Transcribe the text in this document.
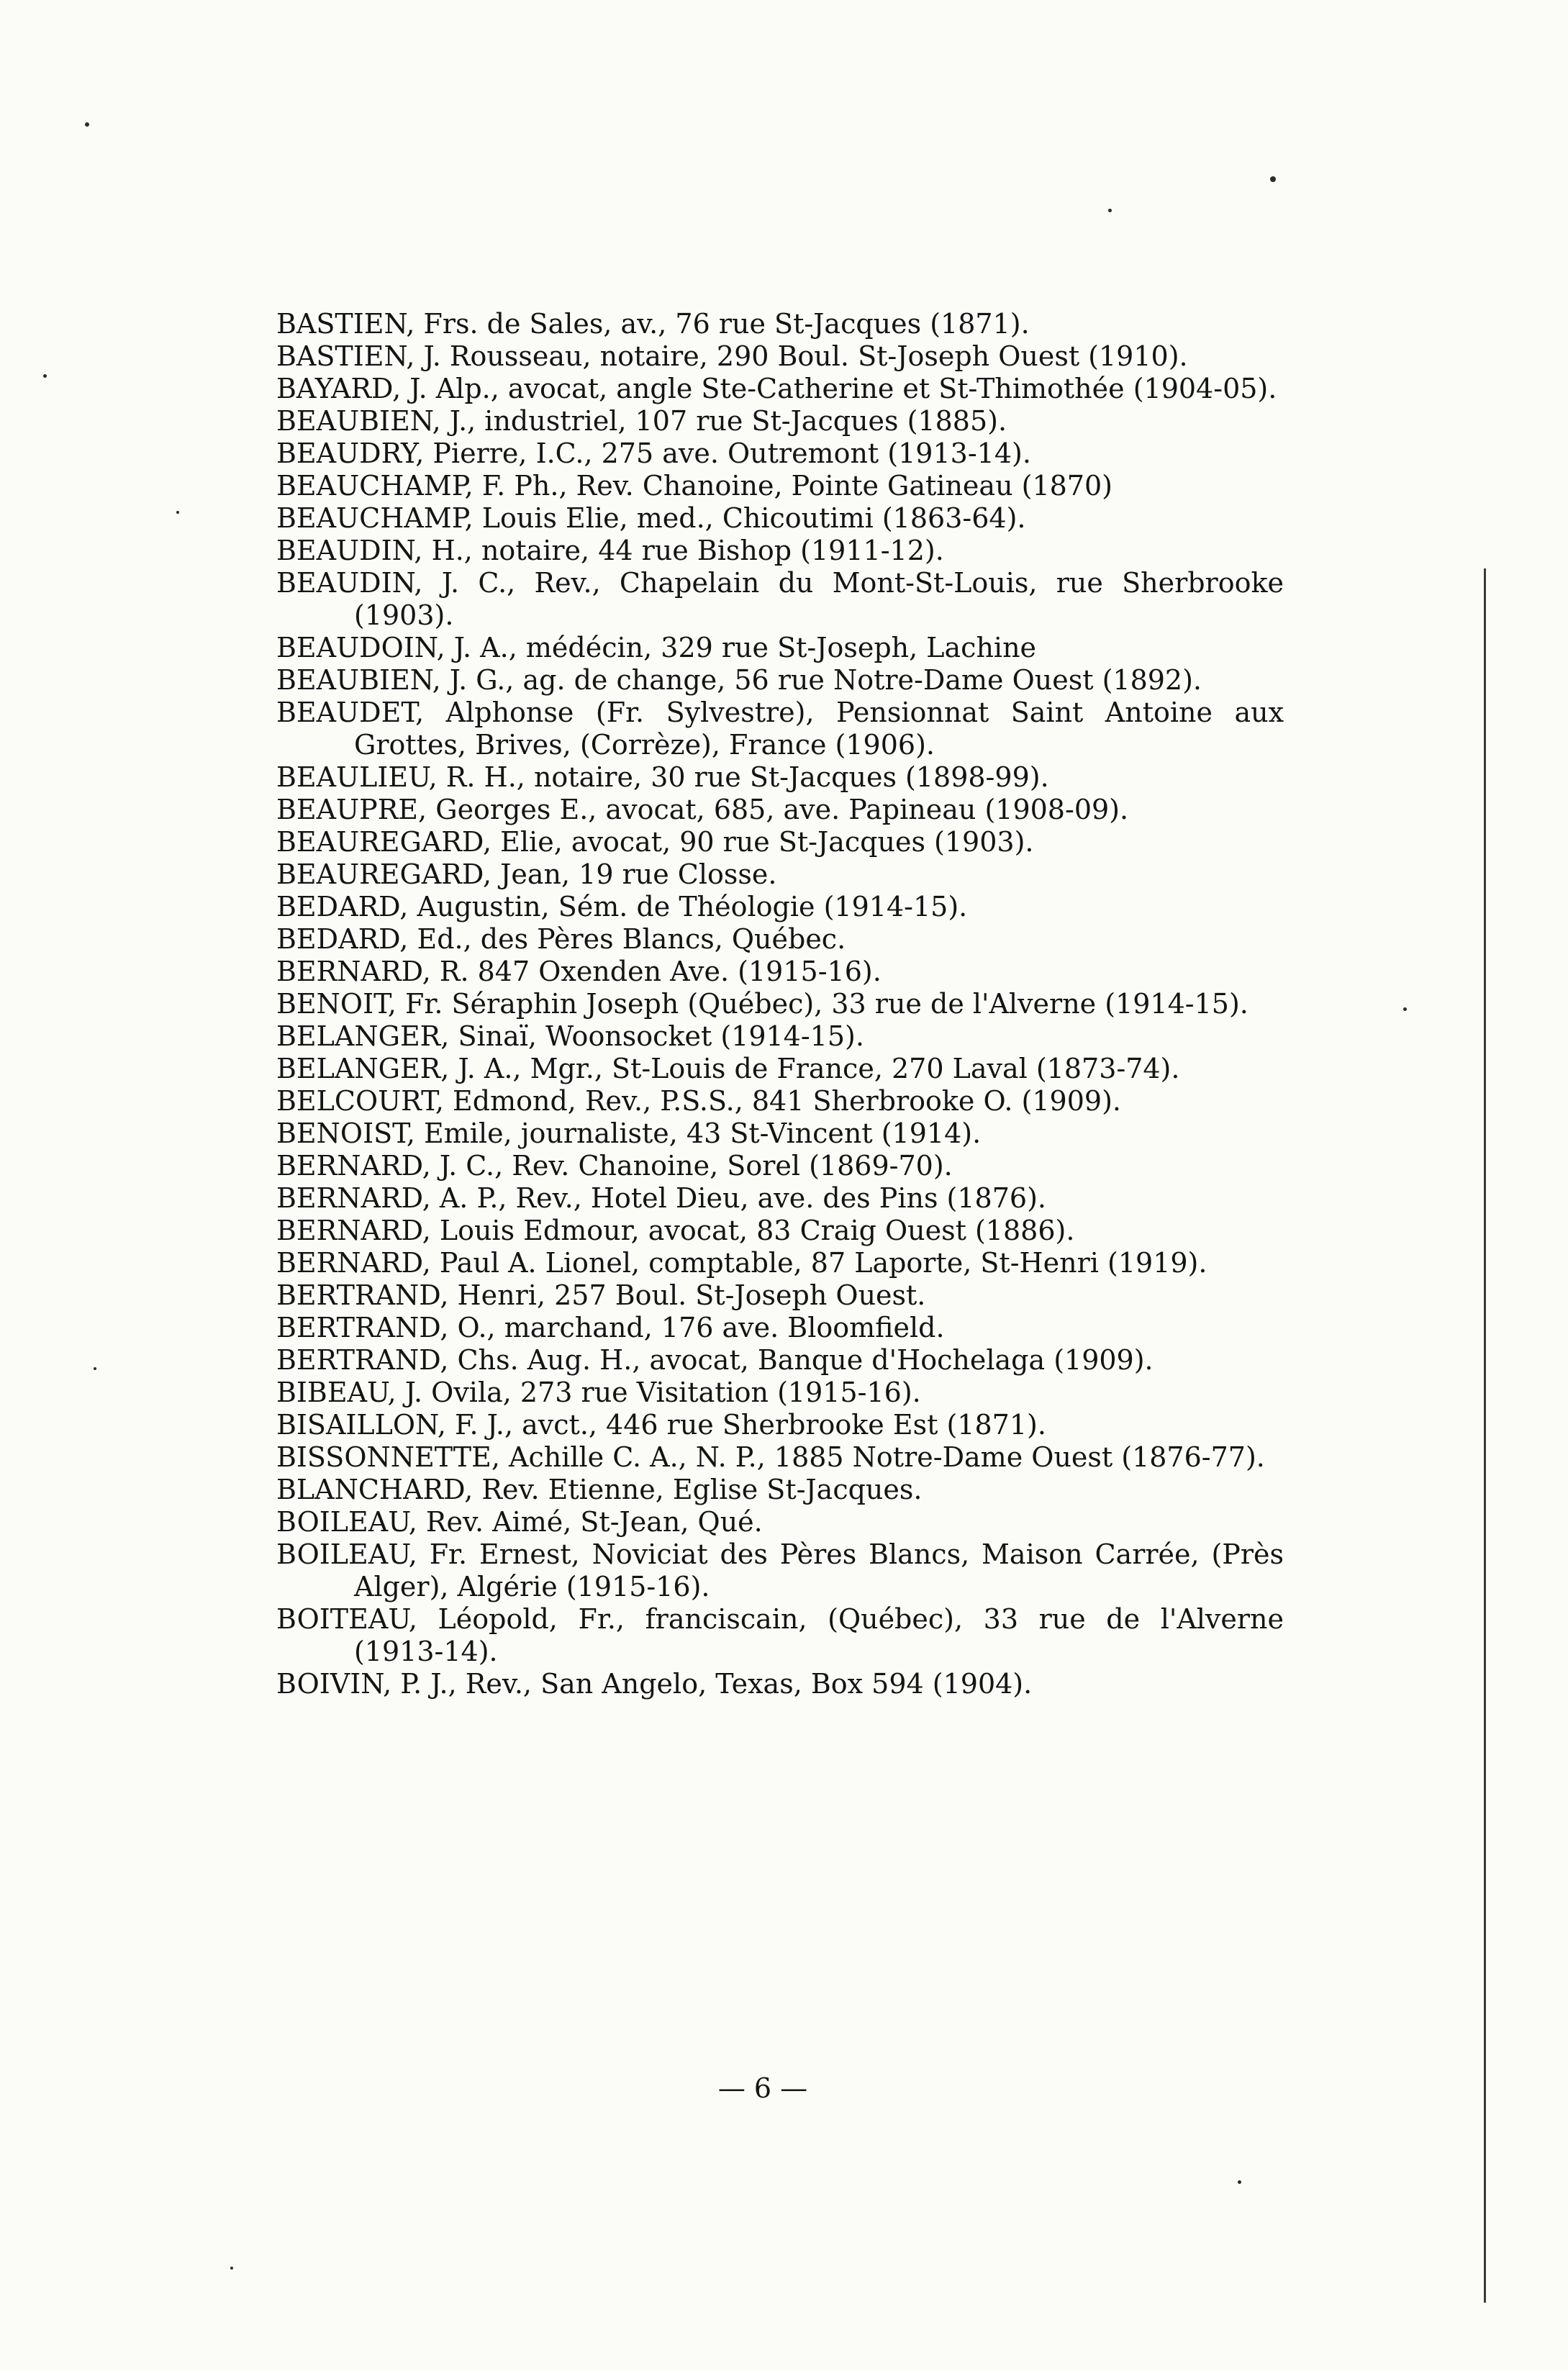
BASTIEN, Frs. de Sales, av., 76 rue St-Jacques (1871).
BASTIEN, J. Rousseau, notaire, 290 Boul. St-Joseph Ouest (1910).
BAYARD, J. Alp., avocat, angle Ste-Catherine et St-Thimothée (1904-05).
BEAUBIEN, J., industriel, 107 rue St-Jacques (1885).
BEAUDRY, Pierre, I.C., 275 ave. Outremont (1913-14).
BEAUCHAMP, F. Ph., Rev. Chanoine, Pointe Gatineau (1870)
BEAUCHAMP, Louis Elie, med., Chicoutimi (1863-64).
BEAUDIN, H., notaire, 44 rue Bishop (1911-12).
BEAUDIN, J. C., Rev., Chapelain du Mont-St-Louis, rue Sherbrooke (1903).
BEAUDOIN, J. A., médécin, 329 rue St-Joseph, Lachine
BEAUBIEN, J. G., ag. de change, 56 rue Notre-Dame Ouest (1892).
BEAUDET, Alphonse (Fr. Sylvestre), Pensionnat Saint Antoine aux Grottes, Brives, (Corrèze), France (1906).
BEAULIEU, R. H., notaire, 30 rue St-Jacques (1898-99).
BEAUPRE, Georges E., avocat, 685, ave. Papineau (1908-09).
BEAUREGARD, Elie, avocat, 90 rue St-Jacques (1903).
BEAUREGARD, Jean, 19 rue Closse.
BEDARD, Augustin, Sém. de Théologie (1914-15).
BEDARD, Ed., des Pères Blancs, Québec.
BERNARD, R. 847 Oxenden Ave. (1915-16).
BENOIT, Fr. Séraphin Joseph (Québec), 33 rue de l'Alverne (1914-15).
BELANGER, Sinaï, Woonsocket (1914-15).
BELANGER, J. A., Mgr., St-Louis de France, 270 Laval (1873-74).
BELCOURT, Edmond, Rev., P.S.S., 841 Sherbrooke O. (1909).
BENOIST, Emile, journaliste, 43 St-Vincent (1914).
BERNARD, J. C., Rev. Chanoine, Sorel (1869-70).
BERNARD, A. P., Rev., Hotel Dieu, ave. des Pins (1876).
BERNARD, Louis Edmour, avocat, 83 Craig Ouest (1886).
BERNARD, Paul A. Lionel, comptable, 87 Laporte, St-Henri (1919).
BERTRAND, Henri, 257 Boul. St-Joseph Ouest.
BERTRAND, O., marchand, 176 ave. Bloomfield.
BERTRAND, Chs. Aug. H., avocat, Banque d'Hochelaga (1909).
BIBEAU, J. Ovila, 273 rue Visitation (1915-16).
BISAILLON, F. J., avct., 446 rue Sherbrooke Est (1871).
BISSONNETTE, Achille C. A., N. P., 1885 Notre-Dame Ouest (1876-77).
BLANCHARD, Rev. Etienne, Eglise St-Jacques.
BOILEAU, Rev. Aimé, St-Jean, Qué.
BOILEAU, Fr. Ernest, Noviciat des Pères Blancs, Maison Carrée, (Près Alger), Algérie (1915-16).
BOITEAU, Léopold, Fr., franciscain, (Québec), 33 rue de l'Alverne (1913-14).
BOIVIN, P. J., Rev., San Angelo, Texas, Box 594 (1904).
— 6 —
